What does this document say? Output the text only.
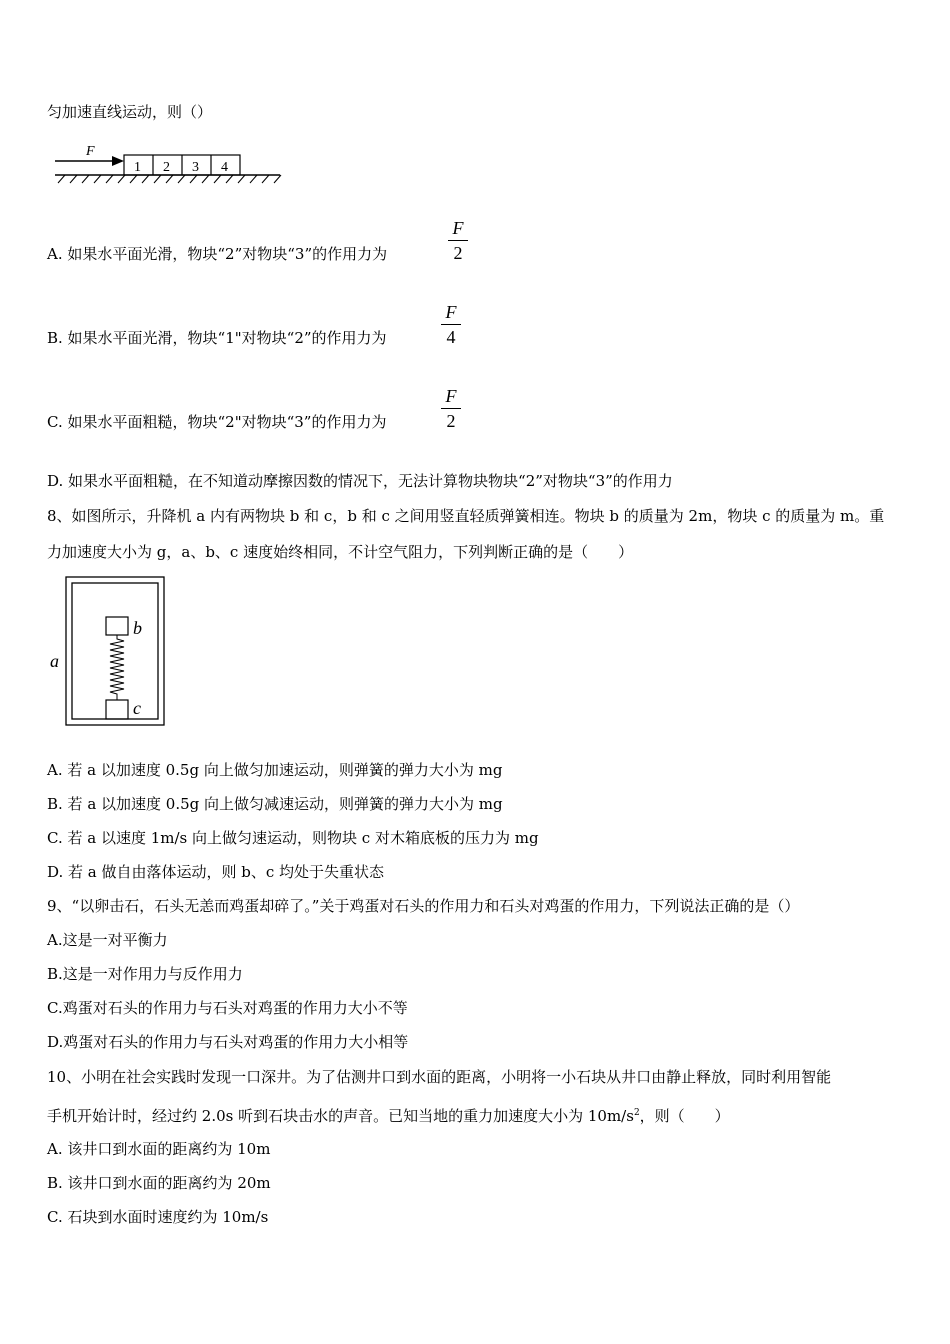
匀加速直线运动，则（）
F
1 2 3 4
A. 如果水平面光滑，物块“2”对物块“3”的作用力为
F
2
B. 如果水平面光滑，物块“1"对物块“2”的作用力为
F
4
C. 如果水平面粗糙，物块“2"对物块“3”的作用力为
F
2
D. 如果水平面粗糙，在不知道动摩擦因数的情况下，无法计算物块物块“2”对物块“3”的作用力
8、如图所示，升降机 a 内有两物块 b 和 c，b 和 c 之间用竖直轻质弹簧相连。物块 b 的质量为 2m，物块 c 的质量为 m。重
力加速度大小为 g，a、b、c 速度始终相同，不计空气阻力，下列判断正确的是（　　）
a
b
c
A. 若 a 以加速度 0.5g 向上做匀加速运动，则弹簧的弹力大小为 mg
B. 若 a 以加速度 0.5g 向上做匀减速运动，则弹簧的弹力大小为 mg
C. 若 a 以速度 1m/s 向上做匀速运动，则物块 c 对木箱底板的压力为 mg
D. 若 a 做自由落体运动，则 b、c 均处于失重状态
9、“以卵击石，石头无恙而鸡蛋却碎了。”关于鸡蛋对石头的作用力和石头对鸡蛋的作用力，下列说法正确的是（）
A.这是一对平衡力
B.这是一对作用力与反作用力
C.鸡蛋对石头的作用力与石头对鸡蛋的作用力大小不等
D.鸡蛋对石头的作用力与石头对鸡蛋的作用力大小相等
10、小明在社会实践时发现一口深井。为了估测井口到水面的距离，小明将一小石块从井口由静止释放，同时利用智能
手机开始计时，经过约 2.0s 听到石块击水的声音。已知当地的重力加速度大小为 $10m/s^2$，则（　　）
A. 该井口到水面的距离约为 10m
B. 该井口到水面的距离约为 20m
C. 石块到水面时速度约为 10m/s
